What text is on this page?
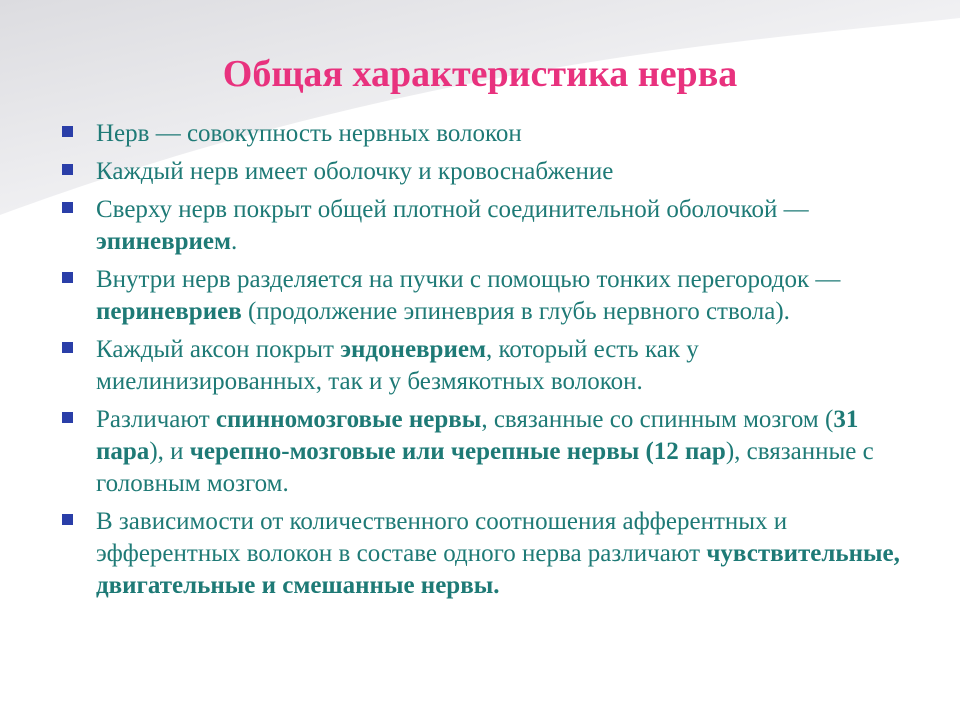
Общая характеристика нерва
Нерв — совокупность нервных волокон
Каждый нерв имеет оболочку и кровоснабжение
Сверху нерв покрыт общей плотной соединительной оболочкой — эпиневрием.
Внутри нерв разделяется на пучки с помощью тонких перегородок — периневриев (продолжение эпиневрия в глубь нервного ствола).
Каждый аксон покрыт эндоневрием, который есть как у миелинизированных, так и у безмякотных волокон.
Различают спинномозговые нервы, связанные со спинным мозгом (31 пара), и черепно-мозговые или черепные нервы (12 пар), связанные с головным мозгом.
В зависимости от количественного соотношения афферентных и эфферентных волокон в составе одного нерва различают чувствительные, двигательные и смешанные нервы.
